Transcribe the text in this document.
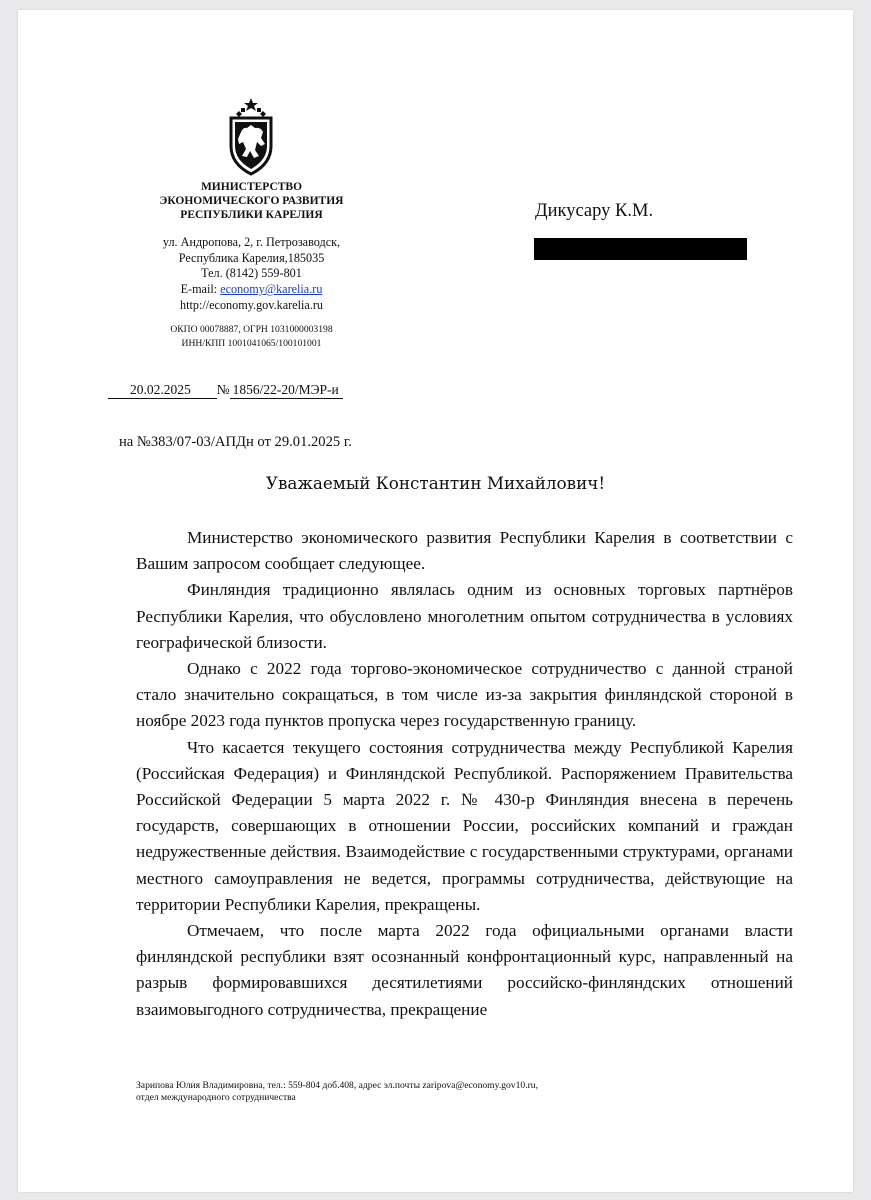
МИНИСТЕРСТВО
ЭКОНОМИЧЕСКОГО РАЗВИТИЯ
РЕСПУБЛИКИ КАРЕЛИЯ
ул. Андропова, 2, г. Петрозаводск,
Республика Карелия,185035
Тел. (8142) 559-801
E-mail: economy@karelia.ru
http://economy.gov.karelia.ru
ОКПО 00078887, ОГРН 1031000003198
ИНН/КПП 1001041065/100101001
Дикусару К.М.
20.02.2025 № 1856/22-20/МЭР-и
на №383/07-03/АПДн от 29.01.2025 г.
Уважаемый Константин Михайлович!

Министерство экономического развития Республики Карелия в соответствии с Вашим запросом сообщает следующее.

Финляндия традиционно являлась одним из основных торговых партнёров Республики Карелия, что обусловлено многолетним опытом сотрудничества в условиях географической близости.

Однако с 2022 года торгово-экономическое сотрудничество с данной страной стало значительно сокращаться, в том числе из-за закрытия финляндской стороной в ноябре 2023 года пунктов пропуска через государственную границу.

Что касается текущего состояния сотрудничества между Республикой Карелия (Российская Федерация) и Финляндской Республикой. Распоряжением Правительства Российской Федерации 5 марта 2022 г. № 430-р Финляндия внесена в перечень государств, совершающих в отношении России, российских компаний и граждан недружественные действия. Взаимодействие с государственными структурами, органами местного самоуправления не ведется, программы сотрудничества, действующие на территории Республики Карелия, прекращены.

Отмечаем, что после марта 2022 года официальными органами власти финляндской республики взят осознанный конфронтационный курс, направленный на разрыв формировавшихся десятилетиями российско-финляндских отношений взаимовыгодного сотрудничества, прекращение

Зарипова Юлия Владимировна, тел.: 559-804 доб.408, адрес эл.почты zaripova@economy.gov10.ru,
отдел международного сотрудничества
